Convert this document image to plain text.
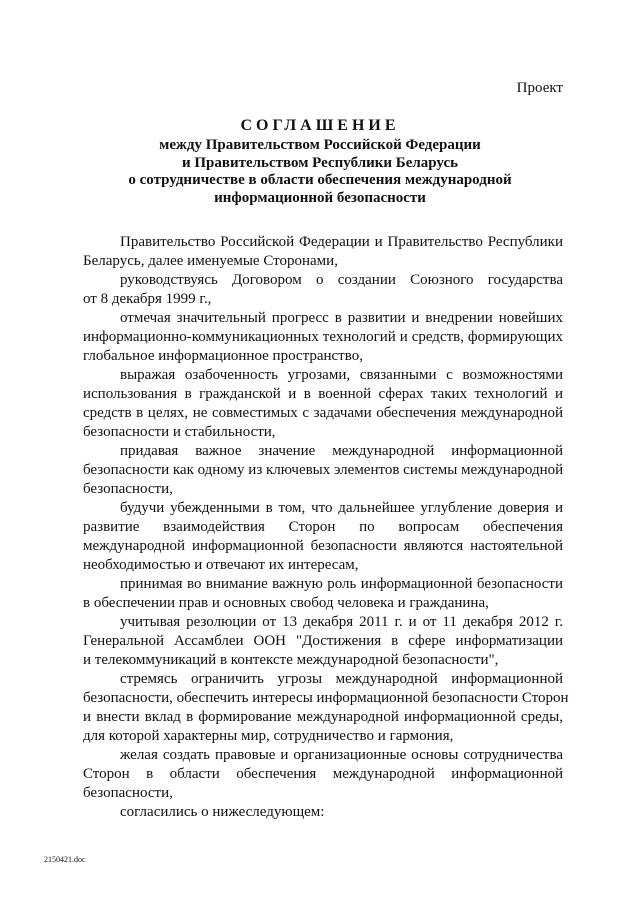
Проект
СОГЛАШЕНИЕ
между Правительством Российской Федерации
и Правительством Республики Беларусь
о сотрудничестве в области обеспечения международной
информационной безопасности
Правительство Российской Федерации и Правительство Республики
Беларусь, далее именуемые Сторонами,
руководствуясь Договором о создании Союзного государства
от 8 декабря 1999 г.,
отмечая значительный прогресс в развитии и внедрении новейших
информационно-коммуникационных технологий и средств, формирующих
глобальное информационное пространство,
выражая озабоченность угрозами, связанными с возможностями
использования в гражданской и в военной сферах таких технологий и
средств в целях, не совместимых с задачами обеспечения международной
безопасности и стабильности,
придавая важное значение международной информационной
безопасности как одному из ключевых элементов системы международной
безопасности,
будучи убежденными в том, что дальнейшее углубление доверия и
развитие взаимодействия Сторон по вопросам обеспечения
международной информационной безопасности являются настоятельной
необходимостью и отвечают их интересам,
принимая во внимание важную роль информационной безопасности
в обеспечении прав и основных свобод человека и гражданина,
учитывая резолюции от 13 декабря 2011 г. и от 11 декабря 2012 г.
Генеральной Ассамблеи ООН "Достижения в сфере информатизации
и телекоммуникаций в контексте международной безопасности",
стремясь ограничить угрозы международной информационной
безопасности, обеспечить интересы информационной безопасности Сторон
и внести вклад в формирование международной информационной среды,
для которой характерны мир, сотрудничество и гармония,
желая создать правовые и организационные основы сотрудничества
Сторон в области обеспечения международной информационной
безопасности,
согласились о нижеследующем:
2150421.doc
